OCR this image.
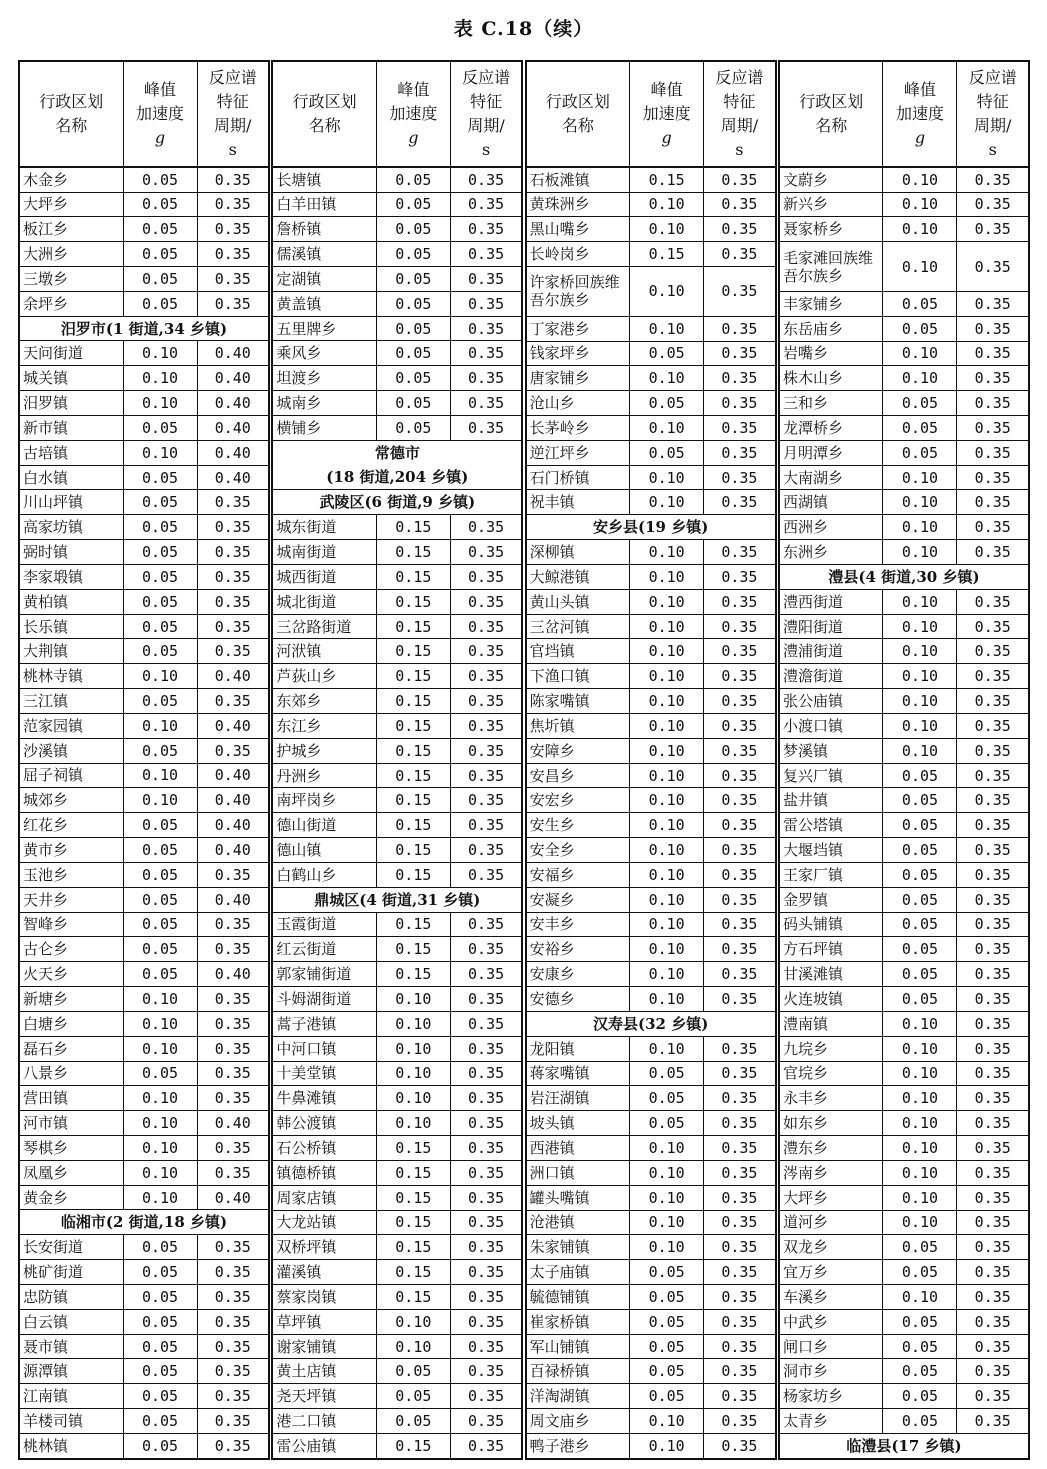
表 C.18（续）
行政区划
名称	峰值
加速度
g	反应谱
特征
周期/
s
木金乡	0.05	0.35
大坪乡	0.05	0.35
板江乡	0.05	0.35
大洲乡	0.05	0.35
三墩乡	0.05	0.35
余坪乡	0.05	0.35
汨罗市(1 街道,34 乡镇)		
天问街道	0.10	0.40
城关镇	0.10	0.40
汨罗镇	0.10	0.40
新市镇	0.05	0.40
古培镇	0.10	0.40
白水镇	0.05	0.40
川山坪镇	0.05	0.35
高家坊镇	0.05	0.35
弼时镇	0.05	0.35
李家塅镇	0.05	0.35
黄柏镇	0.05	0.35
长乐镇	0.05	0.35
大荆镇	0.05	0.35
桃林寺镇	0.10	0.40
三江镇	0.05	0.35
范家园镇	0.10	0.40
沙溪镇	0.05	0.35
屈子祠镇	0.10	0.40
城郊乡	0.10	0.40
红花乡	0.05	0.40
黄市乡	0.05	0.40
玉池乡	0.05	0.35
天井乡	0.05	0.40
智峰乡	0.05	0.35
古仑乡	0.05	0.35
火天乡	0.05	0.40
新塘乡	0.10	0.35
白塘乡	0.10	0.35
磊石乡	0.10	0.35
八景乡	0.05	0.35
营田镇	0.10	0.35
河市镇	0.10	0.40
琴棋乡	0.10	0.35
凤凰乡	0.10	0.35
黄金乡	0.10	0.40
临湘市(2 街道,18 乡镇)		
长安街道	0.05	0.35
桃矿街道	0.05	0.35
忠防镇	0.05	0.35
白云镇	0.05	0.35
聂市镇	0.05	0.35
源潭镇	0.05	0.35
江南镇	0.05	0.35
羊楼司镇	0.05	0.35
桃林镇	0.05	0.35
行政区划
名称	峰值
加速度
g	反应谱
特征
周期/
s
长塘镇	0.05	0.35
白羊田镇	0.05	0.35
詹桥镇	0.05	0.35
儒溪镇	0.05	0.35
定湖镇	0.05	0.35
黄盖镇	0.05	0.35
五里牌乡	0.05	0.35
乘风乡	0.05	0.35
坦渡乡	0.05	0.35
城南乡	0.05	0.35
横铺乡	0.05	0.35
常德市
(18 街道,204 乡镇)		
武陵区(6 街道,9 乡镇)		
城东街道	0.15	0.35
城南街道	0.15	0.35
城西街道	0.15	0.35
城北街道	0.15	0.35
三岔路街道	0.15	0.35
河洑镇	0.15	0.35
芦荻山乡	0.15	0.35
东郊乡	0.15	0.35
东江乡	0.15	0.35
护城乡	0.15	0.35
丹洲乡	0.15	0.35
南坪岗乡	0.15	0.35
德山街道	0.15	0.35
德山镇	0.15	0.35
白鹤山乡	0.15	0.35
鼎城区(4 街道,31 乡镇)		
玉霞街道	0.15	0.35
红云街道	0.15	0.35
郭家铺街道	0.15	0.35
斗姆湖街道	0.10	0.35
蒿子港镇	0.10	0.35
中河口镇	0.10	0.35
十美堂镇	0.10	0.35
牛鼻滩镇	0.10	0.35
韩公渡镇	0.10	0.35
石公桥镇	0.15	0.35
镇德桥镇	0.15	0.35
周家店镇	0.15	0.35
大龙站镇	0.15	0.35
双桥坪镇	0.15	0.35
灌溪镇	0.15	0.35
蔡家岗镇	0.15	0.35
草坪镇	0.10	0.35
谢家铺镇	0.10	0.35
黄土店镇	0.05	0.35
尧天坪镇	0.05	0.35
港二口镇	0.05	0.35
雷公庙镇	0.15	0.35
行政区划
名称	峰值
加速度
g	反应谱
特征
周期/
s
石板滩镇	0.15	0.35
黄珠洲乡	0.10	0.35
黑山嘴乡	0.10	0.35
长岭岗乡	0.15	0.35
许家桥回族维吾尔族乡	0.10	0.35
丁家港乡	0.10	0.35
钱家坪乡	0.05	0.35
唐家铺乡	0.10	0.35
沧山乡	0.05	0.35
长茅岭乡	0.10	0.35
逆江坪乡	0.05	0.35
石门桥镇	0.10	0.35
祝丰镇	0.10	0.35
安乡县(19 乡镇)		
深柳镇	0.10	0.35
大鲸港镇	0.10	0.35
黄山头镇	0.10	0.35
三岔河镇	0.10	0.35
官垱镇	0.10	0.35
下渔口镇	0.10	0.35
陈家嘴镇	0.10	0.35
焦圻镇	0.10	0.35
安障乡	0.10	0.35
安昌乡	0.10	0.35
安宏乡	0.10	0.35
安生乡	0.10	0.35
安全乡	0.10	0.35
安福乡	0.10	0.35
安凝乡	0.10	0.35
安丰乡	0.10	0.35
安裕乡	0.10	0.35
安康乡	0.10	0.35
安德乡	0.10	0.35
汉寿县(32 乡镇)		
龙阳镇	0.10	0.35
蒋家嘴镇	0.05	0.35
岩汪湖镇	0.05	0.35
坡头镇	0.05	0.35
西港镇	0.10	0.35
洲口镇	0.10	0.35
罐头嘴镇	0.10	0.35
沧港镇	0.10	0.35
朱家铺镇	0.10	0.35
太子庙镇	0.05	0.35
毓德铺镇	0.05	0.35
崔家桥镇	0.05	0.35
军山铺镇	0.05	0.35
百禄桥镇	0.05	0.35
洋淘湖镇	0.05	0.35
周文庙乡	0.10	0.35
鸭子港乡	0.10	0.35
行政区划
名称	峰值
加速度
g	反应谱
特征
周期/
s
文蔚乡	0.10	0.35
新兴乡	0.10	0.35
聂家桥乡	0.10	0.35
毛家滩回族维吾尔族乡	0.10	0.35
丰家铺乡	0.05	0.35
东岳庙乡	0.05	0.35
岩嘴乡	0.10	0.35
株木山乡	0.10	0.35
三和乡	0.05	0.35
龙潭桥乡	0.05	0.35
月明潭乡	0.05	0.35
大南湖乡	0.10	0.35
西湖镇	0.10	0.35
西洲乡	0.10	0.35
东洲乡	0.10	0.35
澧县(4 街道,30 乡镇)		
澧西街道	0.10	0.35
澧阳街道	0.10	0.35
澧浦街道	0.10	0.35
澧澹街道	0.10	0.35
张公庙镇	0.10	0.35
小渡口镇	0.10	0.35
梦溪镇	0.10	0.35
复兴厂镇	0.05	0.35
盐井镇	0.05	0.35
雷公塔镇	0.05	0.35
大堰垱镇	0.05	0.35
王家厂镇	0.05	0.35
金罗镇	0.05	0.35
码头铺镇	0.05	0.35
方石坪镇	0.05	0.35
甘溪滩镇	0.05	0.35
火连坡镇	0.05	0.35
澧南镇	0.10	0.35
九垸乡	0.10	0.35
官垸乡	0.10	0.35
永丰乡	0.10	0.35
如东乡	0.10	0.35
澧东乡	0.10	0.35
涔南乡	0.10	0.35
大坪乡	0.10	0.35
道河乡	0.10	0.35
双龙乡	0.05	0.35
宜万乡	0.05	0.35
车溪乡	0.10	0.35
中武乡	0.05	0.35
闸口乡	0.05	0.35
洞市乡	0.05	0.35
杨家坊乡	0.05	0.35
太青乡	0.05	0.35
临澧县(17 乡镇)		
